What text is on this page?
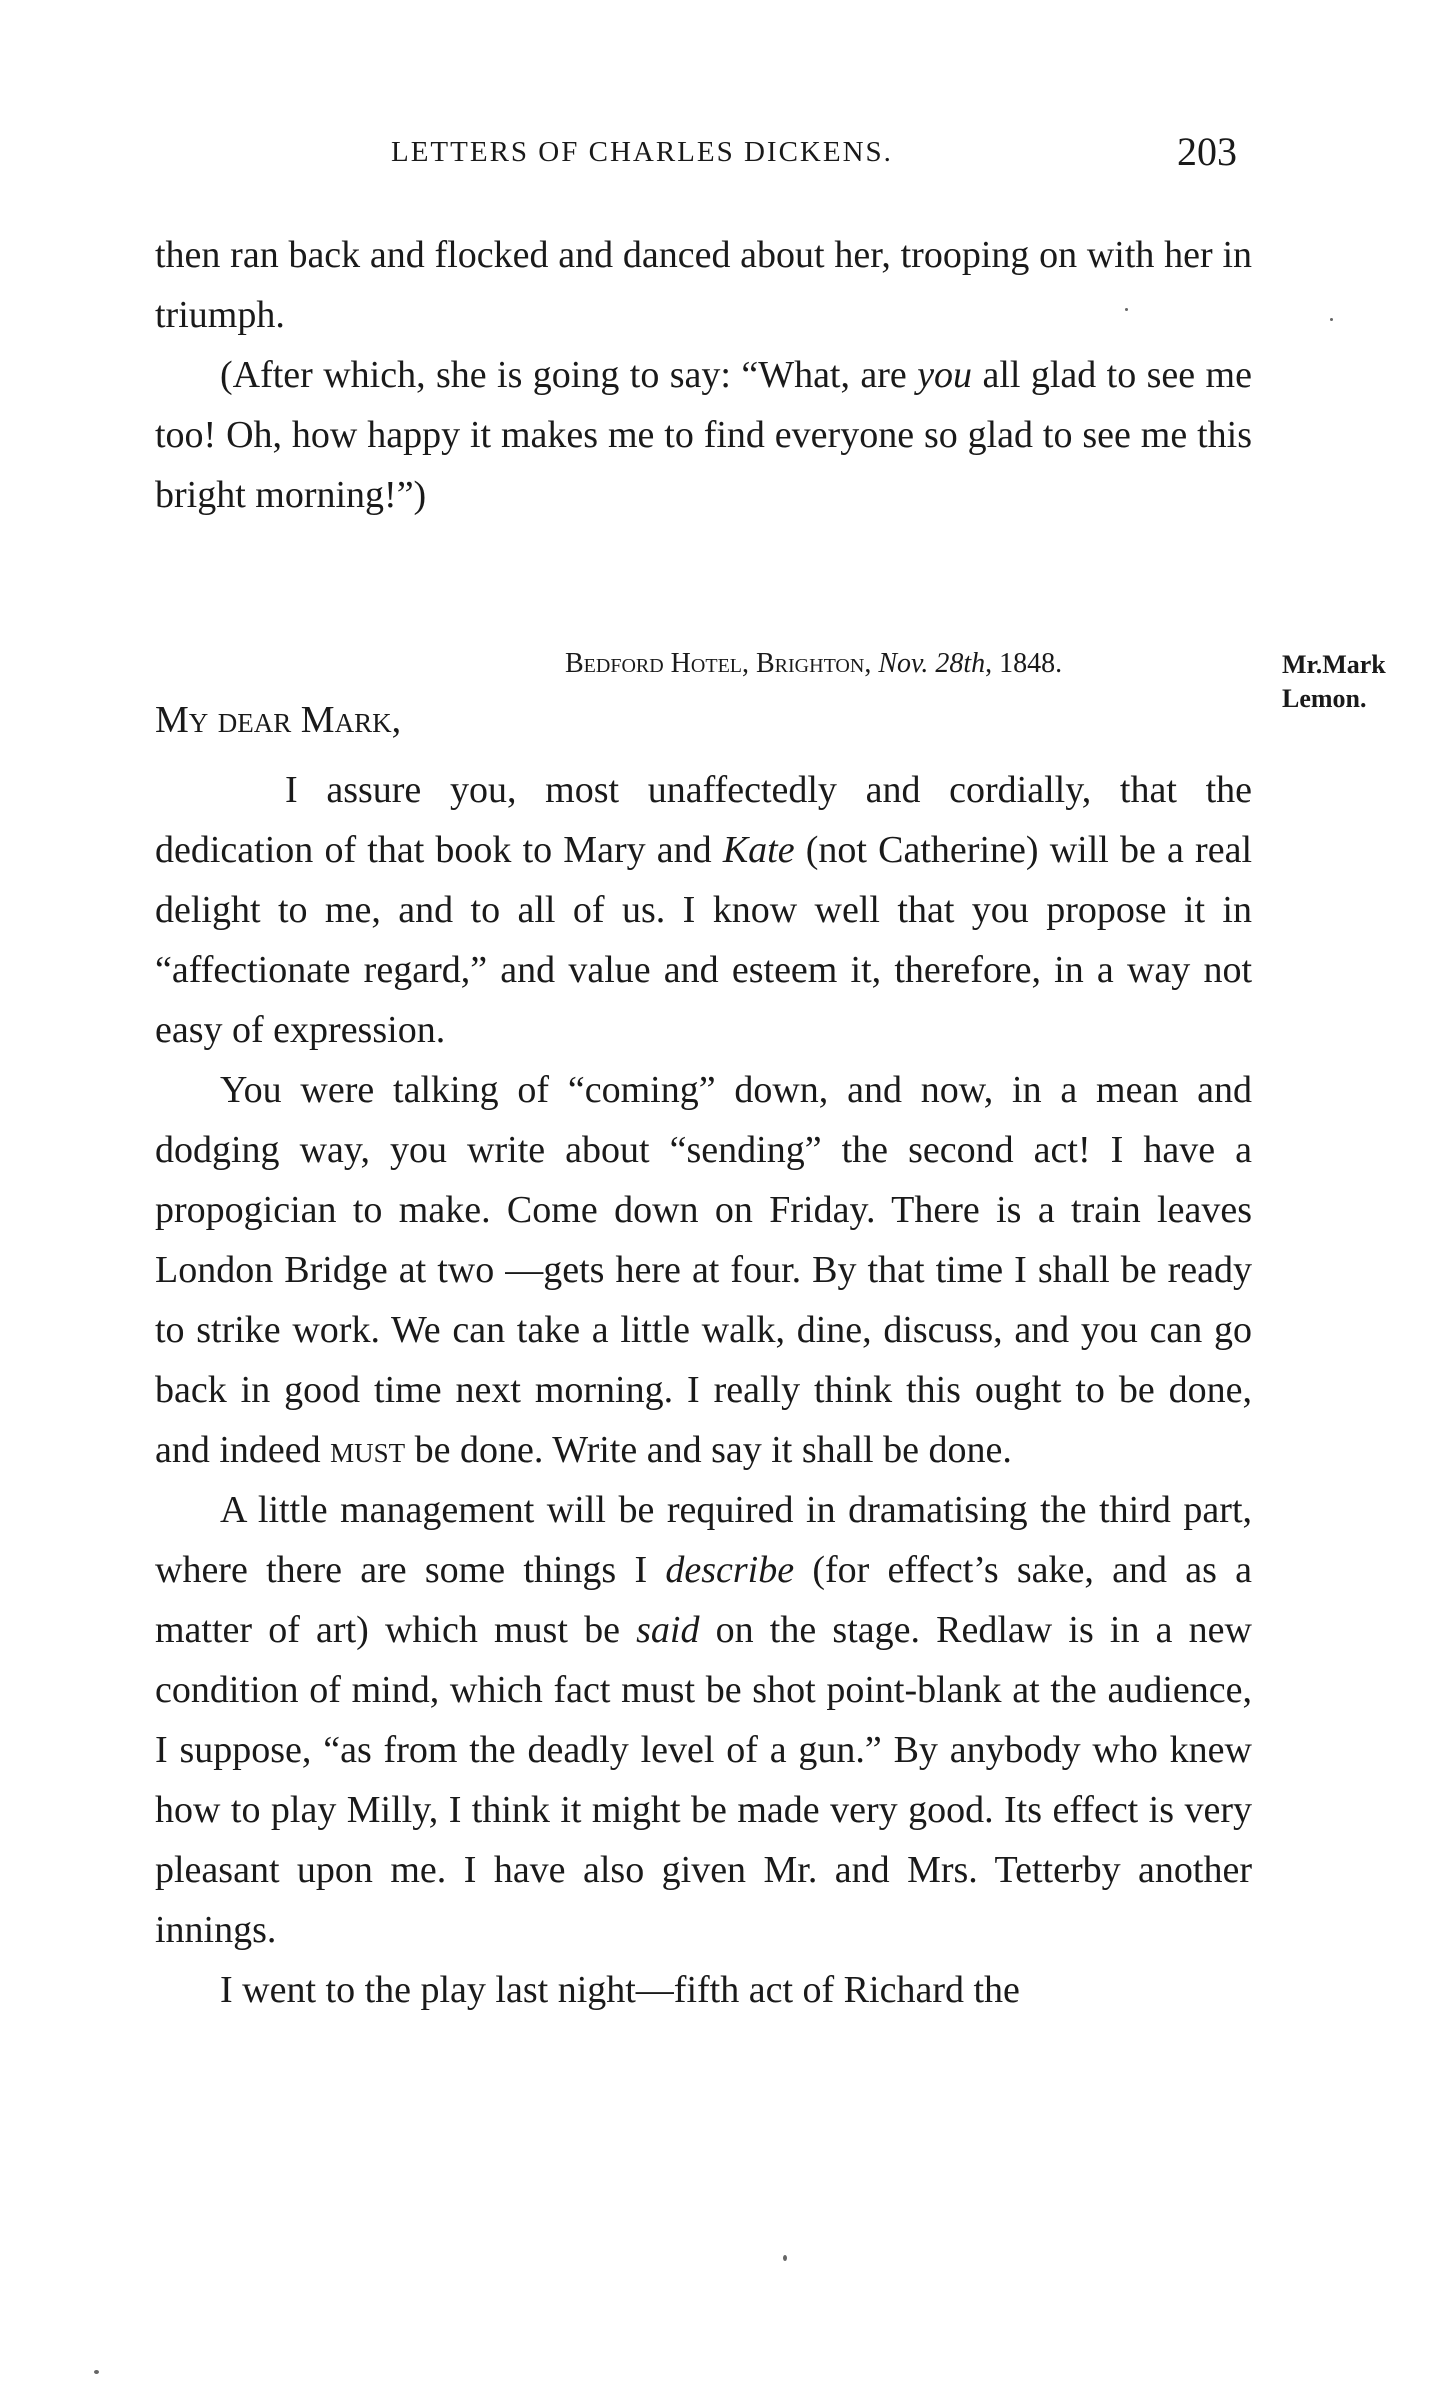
LETTERS OF CHARLES DICKENS.	203

then ran back and flocked and danced about her, trooping on with her in triumph.

(After which, she is going to say: “What, are you all glad to see me too! Oh, how happy it makes me to find everyone so glad to see me this bright morning!”)

Bedford Hotel, Brighton, Nov. 28th, 1848.	Mr.Mark
Lemon.
My dear Mark,

I assure you, most unaffectedly and cordially, that the dedication of that book to Mary and Kate (not Catherine) will be a real delight to me, and to all of us. I know well that you propose it in “affectionate regard,” and value and esteem it, therefore, in a way not easy of expression.

You were talking of “coming” down, and now, in a mean and dodging way, you write about “sending” the second act! I have a propogician to make. Come down on Friday. There is a train leaves London Bridge at two —gets here at four. By that time I shall be ready to strike work. We can take a little walk, dine, discuss, and you can go back in good time next morning. I really think this ought to be done, and indeed must be done. Write and say it shall be done.

A little management will be required in dramatising the third part, where there are some things I describe (for effect’s sake, and as a matter of art) which must be said on the stage. Redlaw is in a new condition of mind, which fact must be shot point-blank at the audience, I suppose, “as from the deadly level of a gun.” By anybody who knew how to play Milly, I think it might be made very good. Its effect is very pleasant upon me. I have also given Mr. and Mrs. Tetterby another innings.

I went to the play last night—fifth act of Richard the
